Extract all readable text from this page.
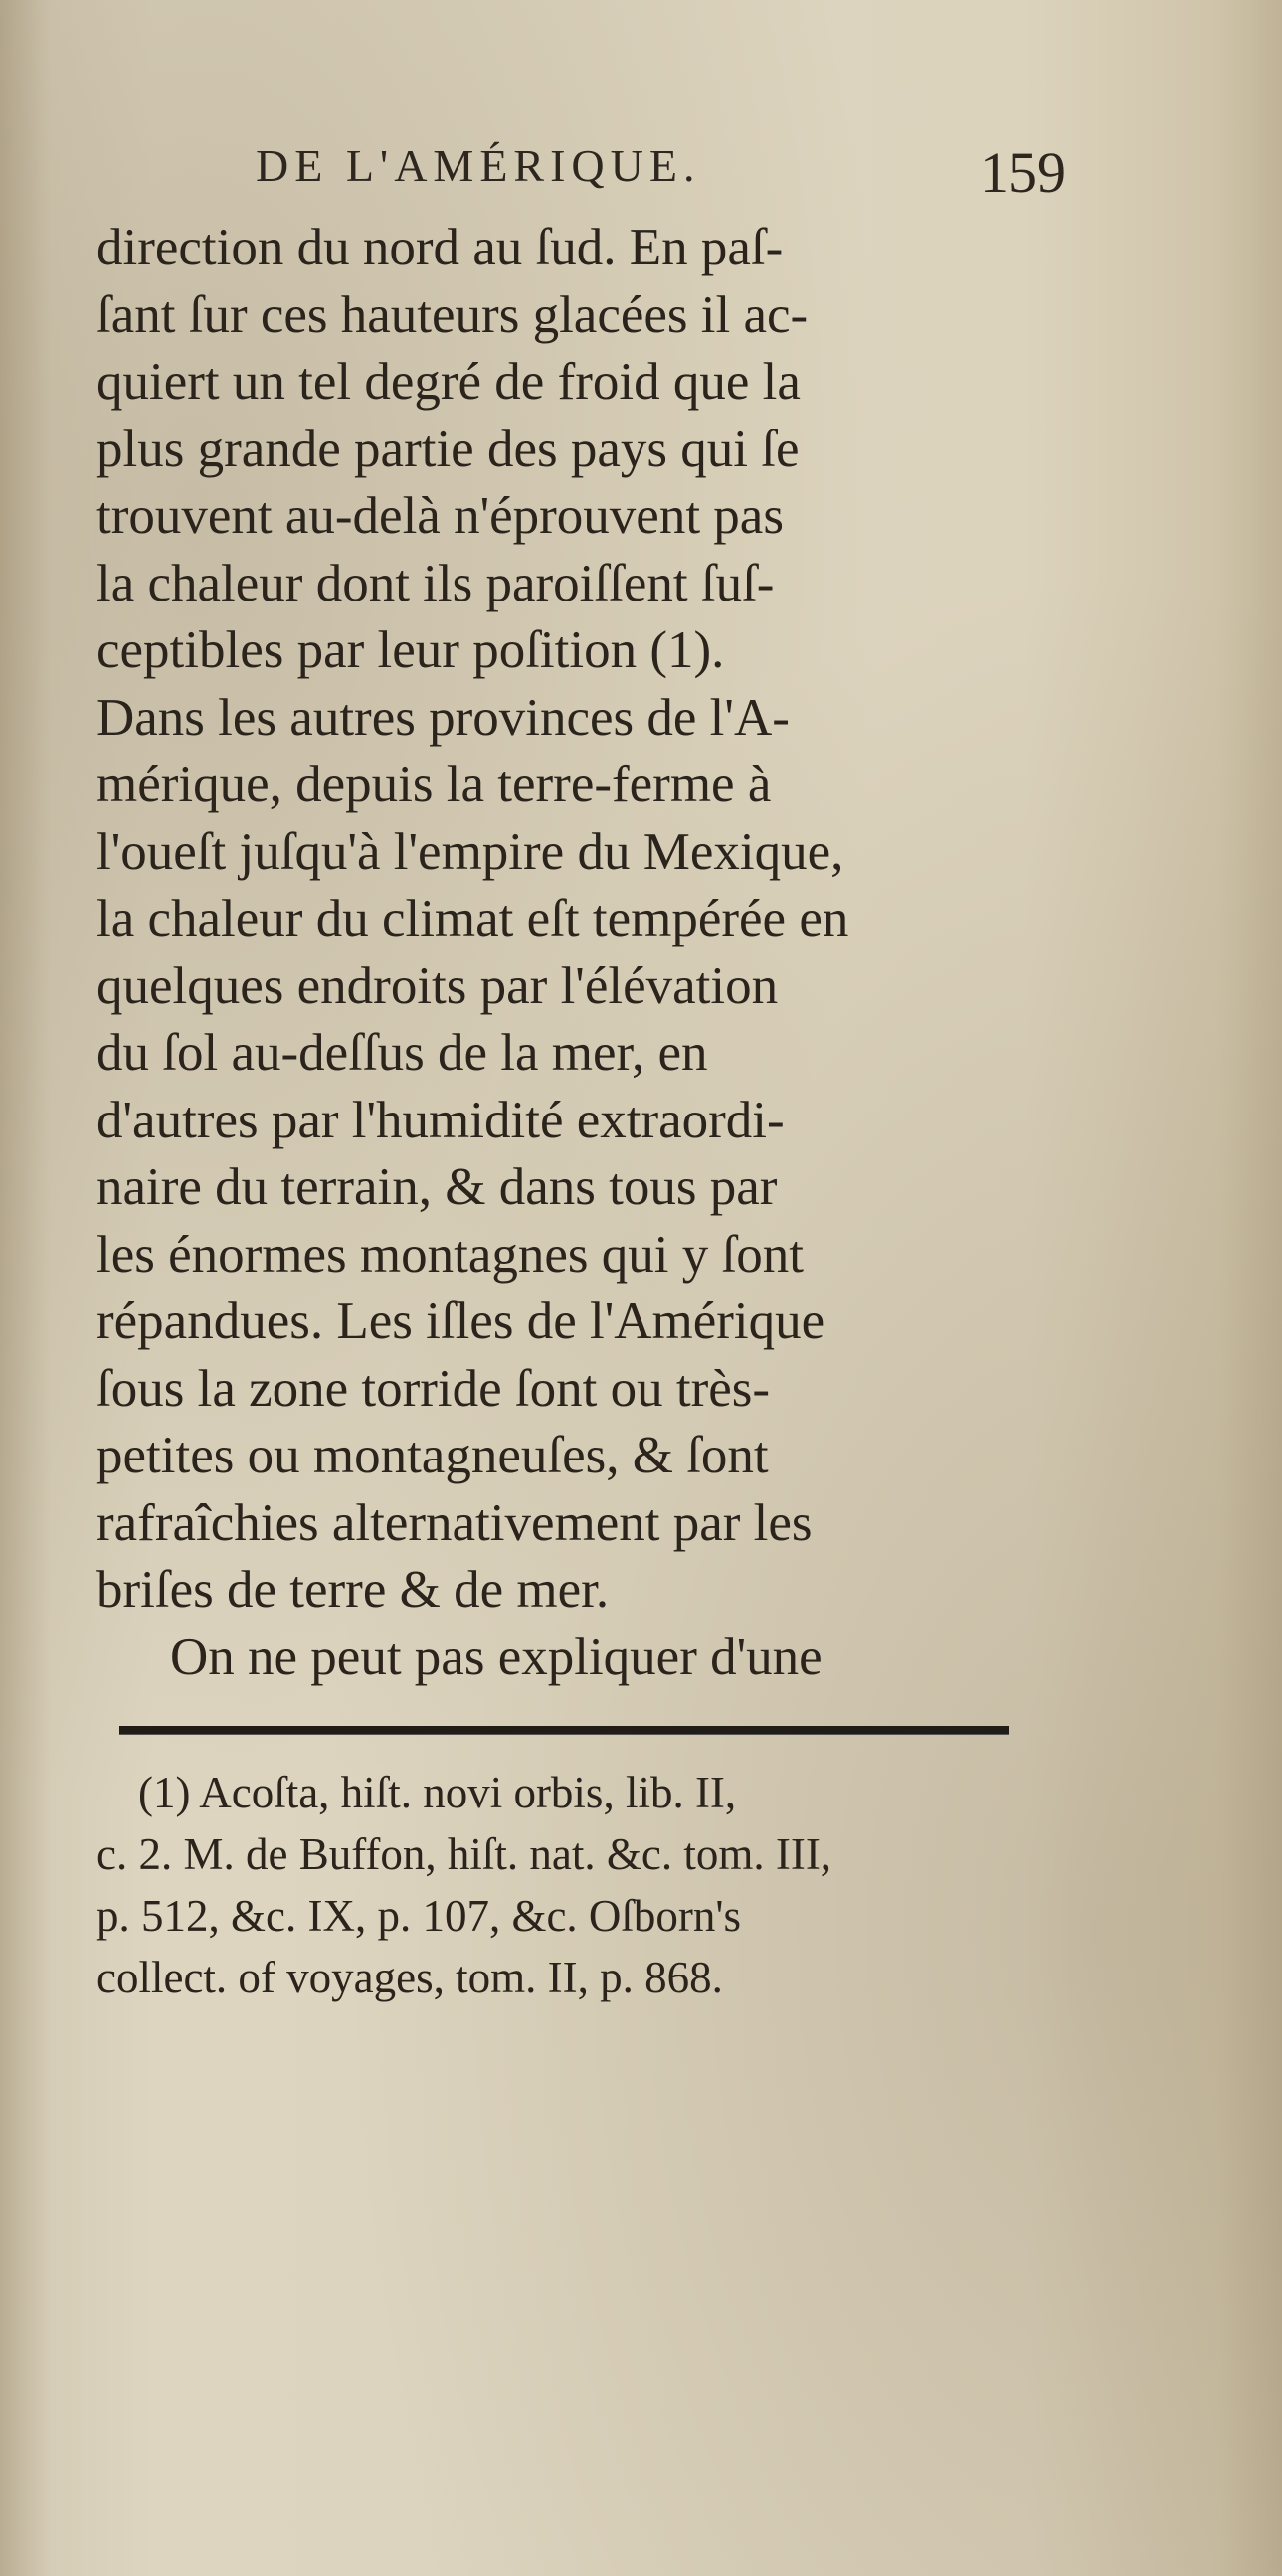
DE L'AMÉRIQUE.	159
direction du nord au ſud. En paſ-
ſant ſur ces hauteurs glacées il ac-
quiert un tel degré de froid que la
plus grande partie des pays qui ſe
trouvent au-delà n'éprouvent pas
la chaleur dont ils paroiſſent ſuſ-
ceptibles par leur poſition (1).
Dans les autres provinces de l'A-
mérique, depuis la terre-ferme à
l'oueſt juſqu'à l'empire du Mexique,
la chaleur du climat eſt tempérée en
quelques endroits par l'élévation
du ſol au-deſſus de la mer, en
d'autres par l'humidité extraordi-
naire du terrain, & dans tous par
les énormes montagnes qui y ſont
répandues. Les iſles de l'Amérique
ſous la zone torride ſont ou très-
petites ou montagneuſes, & ſont
rafraîchies alternativement par les
briſes de terre & de mer.
On ne peut pas expliquer d'une
(1) Acoſta, hiſt. novi orbis, lib. II,
c. 2. M. de Buffon, hiſt. nat. &c. tom. III,
p. 512, &c. IX, p. 107, &c. Oſborn's
collect. of voyages, tom. II, p. 868.
